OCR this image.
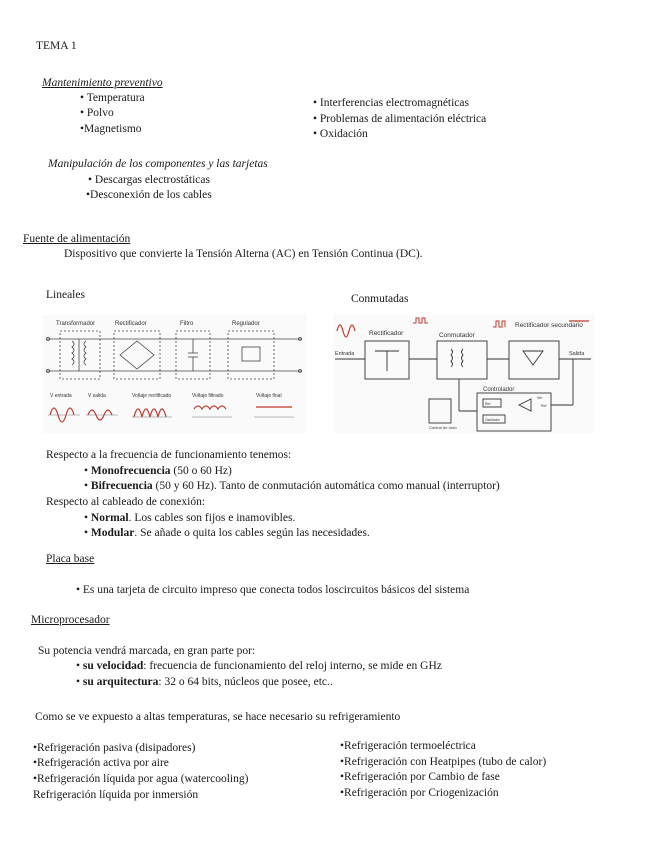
TEMA 1
Mantenimiento preventivo
• Temperatura
• Polvo
•Magnetismo
• Interferencias electromagnéticas
• Problemas de alimentación eléctrica
• Oxidación
Manipulación de los componentes y las tarjetas
• Descargas electrostáticas
•Desconexión de los cables
Fuente de alimentación
Dispositivo que convierte la Tensión Alterna (AC) en Tensión Continua (DC).
Lineales	Conmutadas
Transformador	Rectificador	Filtro	Regulador
V entrada	V salida	Voltaje rectificado	Voltaje filtrado	Voltaje final
Rectificador	Conmutador
Rectificador secundario
Entrada	Salida
Controlador
Control de ciclo
Ref
Ver
Ref
Oscilador
Respecto a la frecuencia de funcionamiento tenemos:
• Monofrecuencia (50 o 60 Hz)
• Bifrecuencia (50 y 60 Hz). Tanto de conmutación automática como manual (interruptor)
Respecto al cableado de conexión:
• Normal. Los cables son fijos e inamovibles.
• Modular. Se añade o quita los cables según las necesidades.
Placa base
• Es una tarjeta de circuito impreso que conecta todos loscircuitos básicos del sistema
Microprocesador
Su potencia vendrá marcada, en gran parte por:
• su velocidad: frecuencia de funcionamiento del reloj interno, se mide en GHz
• su arquitectura: 32 o 64 bits, núcleos que posee, etc..
Como se ve expuesto a altas temperaturas, se hace necesario su refrigeramiento
•Refrigeración pasiva (disipadores)
•Refrigeración activa por aire
•Refrigeración líquida por agua (watercooling)
Refrigeración líquida por inmersión
•Refrigeración termoeléctrica
•Refrigeración con Heatpipes (tubo de calor)
•Refrigeración por Cambio de fase
•Refrigeración por Criogenización
